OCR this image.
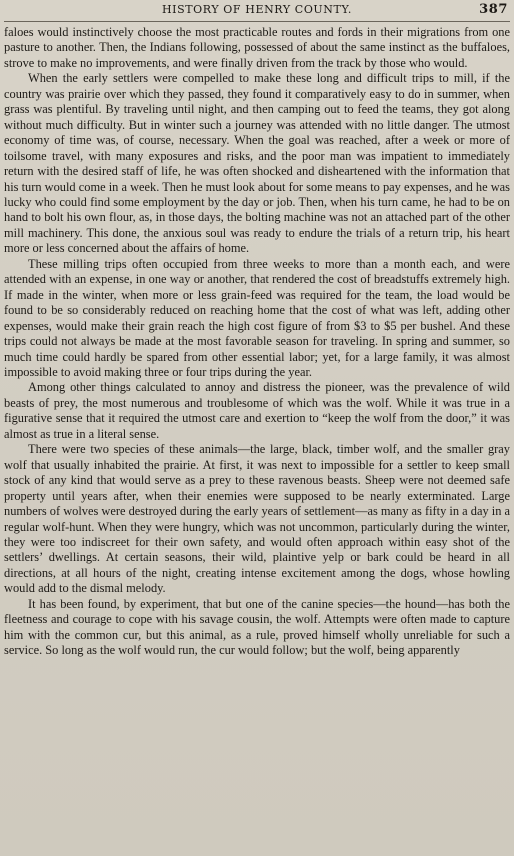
HISTORY OF HENRY COUNTY.	387

faloes would instinctively choose the most practicable routes and fords in their migrations from one pasture to another. Then, the Indians following, possessed of about the same instinct as the buffaloes, strove to make no improvements, and were finally driven from the track by those who would.

When the early settlers were compelled to make these long and difficult trips to mill, if the country was prairie over which they passed, they found it comparatively easy to do in summer, when grass was plentiful. By traveling until night, and then camping out to feed the teams, they got along without much difficulty. But in winter such a journey was attended with no little danger. The utmost economy of time was, of course, necessary. When the goal was reached, after a week or more of toilsome travel, with many exposures and risks, and the poor man was impatient to immediately return with the desired staff of life, he was often shocked and disheartened with the information that his turn would come in a week. Then he must look about for some means to pay expenses, and he was lucky who could find some employment by the day or job. Then, when his turn came, he had to be on hand to bolt his own flour, as, in those days, the bolting machine was not an attached part of the other mill machinery. This done, the anxious soul was ready to endure the trials of a return trip, his heart more or less concerned about the affairs of home.

These milling trips often occupied from three weeks to more than a month each, and were attended with an expense, in one way or another, that rendered the cost of breadstuffs extremely high. If made in the winter, when more or less grain-feed was required for the team, the load would be found to be so considerably reduced on reaching home that the cost of what was left, adding other expenses, would make their grain reach the high cost figure of from $3 to $5 per bushel. And these trips could not always be made at the most favorable season for traveling. In spring and summer, so much time could hardly be spared from other essential labor; yet, for a large family, it was almost impossible to avoid making three or four trips during the year.

Among other things calculated to annoy and distress the pioneer, was the prevalence of wild beasts of prey, the most numerous and troublesome of which was the wolf. While it was true in a figurative sense that it required the utmost care and exertion to “keep the wolf from the door,” it was almost as true in a literal sense.

There were two species of these animals—the large, black, timber wolf, and the smaller gray wolf that usually inhabited the prairie. At first, it was next to impossible for a settler to keep small stock of any kind that would serve as a prey to these ravenous beasts. Sheep were not deemed safe property until years after, when their enemies were supposed to be nearly exterminated. Large numbers of wolves were destroyed during the early years of settlement—as many as fifty in a day in a regular wolf-hunt. When they were hungry, which was not uncommon, particularly during the winter, they were too indiscreet for their own safety, and would often approach within easy shot of the settlers’ dwellings. At certain seasons, their wild, plaintive yelp or bark could be heard in all directions, at all hours of the night, creating intense excitement among the dogs, whose howling would add to the dismal melody.

It has been found, by experiment, that but one of the canine species—the hound—has both the fleetness and courage to cope with his savage cousin, the wolf. Attempts were often made to capture him with the common cur, but this animal, as a rule, proved himself wholly unreliable for such a service. So long as the wolf would run, the cur would follow; but the wolf, being apparently
